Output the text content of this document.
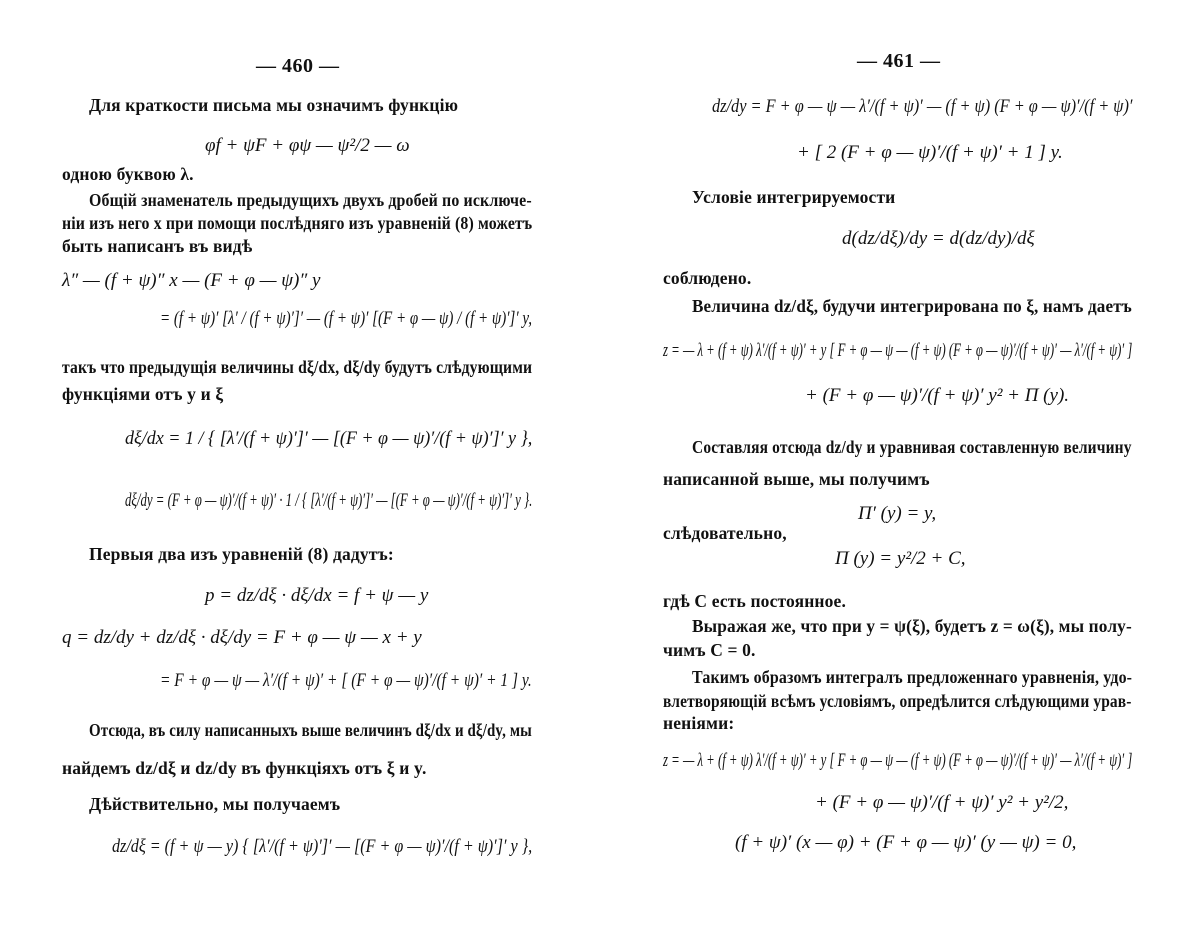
— 460 —
Для краткости письма мы означимъ функцію
φf + ψF + φψ — ψ²/2 — ω
одною буквою λ.
Общій знаменатель предыдущихъ двухъ дробей по исключе-
ніи изъ него x при помощи послѣдняго изъ уравненій (8) можетъ
быть написанъ въ видѣ
λ″ — (f + ψ)″ x — (F + φ — ψ)″ y
= (f + ψ)′ [λ′ / (f + ψ)′]′ — (f + ψ)′ [(F + φ — ψ) / (f + ψ)′]′ y,
такъ что предыдущія величины dξ/dx, dξ/dy будутъ слѣдующими
функціями отъ y и ξ
dξ/dx = 1 / { [λ′/(f + ψ)′]′ — [(F + φ — ψ)′/(f + ψ)′]′ y },
dξ/dy = (F + φ — ψ)′/(f + ψ)′ · 1 / { [λ′/(f + ψ)′]′ — [(F + φ — ψ)′/(f + ψ)′]′ y }.
Первыя два изъ уравненій (8) дадутъ:
p = dz/dξ · dξ/dx = f + ψ — y
q = dz/dy + dz/dξ · dξ/dy = F + φ — ψ — x + y
= F + φ — ψ — λ′/(f + ψ)′ + [ (F + φ — ψ)′/(f + ψ)′ + 1 ] y.
Отсюда, въ силу написанныхъ выше величинъ dξ/dx и dξ/dy, мы
найдемъ dz/dξ и dz/dy въ функціяхъ отъ ξ и y.
Дѣйствительно, мы получаемъ
dz/dξ = (f + ψ — y) { [λ′/(f + ψ)′]′ — [(F + φ — ψ)′/(f + ψ)′]′ y },
— 461 —
dz/dy = F + φ — ψ — λ′/(f + ψ)′ — (f + ψ) (F + φ — ψ)′/(f + ψ)′
+ [ 2 (F + φ — ψ)′/(f + ψ)′ + 1 ] y.
Условіе интегрируемости
d(dz/dξ)/dy = d(dz/dy)/dξ
соблюдено.
Величина dz/dξ, будучи интегрирована по ξ, намъ даетъ
z = — λ + (f + ψ) λ′/(f + ψ)′ + y [ F + φ — ψ — (f + ψ) (F + φ — ψ)′/(f + ψ)′ — λ′/(f + ψ)′ ]
+ (F + φ — ψ)′/(f + ψ)′ y² + Π (y).
Составляя отсюда dz/dy и уравнивая составленную величину
написанной выше, мы получимъ
Π′ (y) = y,
слѣдовательно,
Π (y) = y²/2 + C,
гдѣ C есть постоянное.
Выражая же, что при y = ψ(ξ), будетъ z = ω(ξ), мы полу-
чимъ C = 0.
Такимъ образомъ интегралъ предложеннаго уравненія, удо-
влетворяющій всѣмъ условіямъ, опредѣлится слѣдующими урав-
неніями:
z = — λ + (f + ψ) λ′/(f + ψ)′ + y [ F + φ — ψ — (f + ψ) (F + φ — ψ)′/(f + ψ)′ — λ′/(f + ψ)′ ]
+ (F + φ — ψ)′/(f + ψ)′ y² + y²/2,
(f + ψ)′ (x — φ) + (F + φ — ψ)′ (y — ψ) = 0,
